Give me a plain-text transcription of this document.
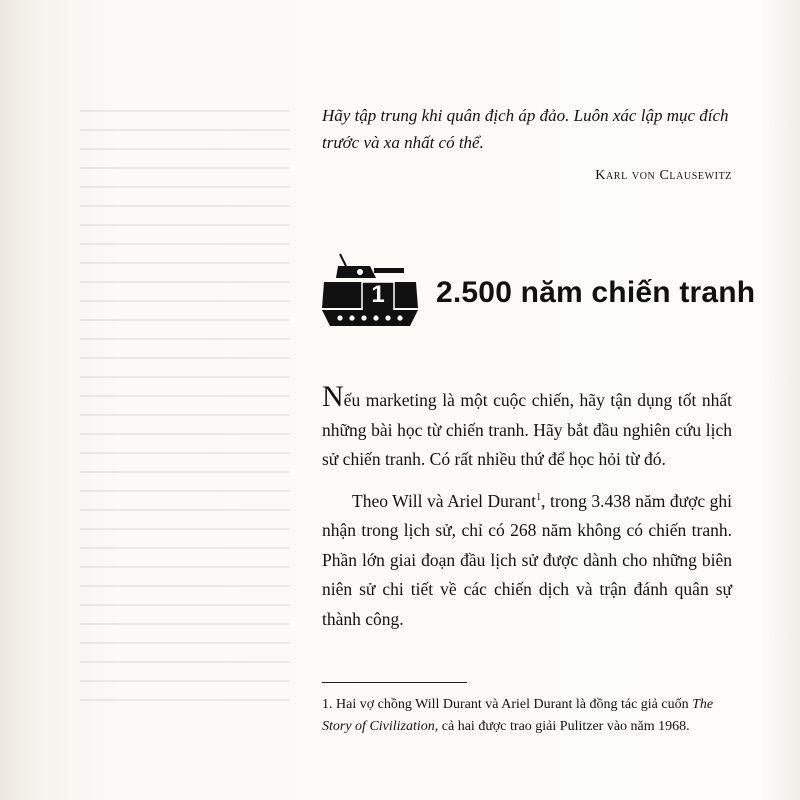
Hãy tập trung khi quân địch áp đảo. Luôn xác lập mục đích trước và xa nhất có thể.
Karl von Clausewitz
1 2.500 năm chiến tranh

Nếu marketing là một cuộc chiến, hãy tận dụng tốt nhất những bài học từ chiến tranh. Hãy bắt đầu nghiên cứu lịch sử chiến tranh. Có rất nhiều thứ để học hỏi từ đó.

Theo Will và Ariel Durant$^1$, trong 3.438 năm được ghi nhận trong lịch sử, chỉ có 268 năm không có chiến tranh. Phần lớn giai đoạn đầu lịch sử được dành cho những biên niên sử chi tiết về các chiến dịch và trận đánh quân sự thành công.

1. Hai vợ chồng Will Durant và Ariel Durant là đồng tác giả cuốn The Story of Civilization, cả hai được trao giải Pulitzer vào năm 1968.
